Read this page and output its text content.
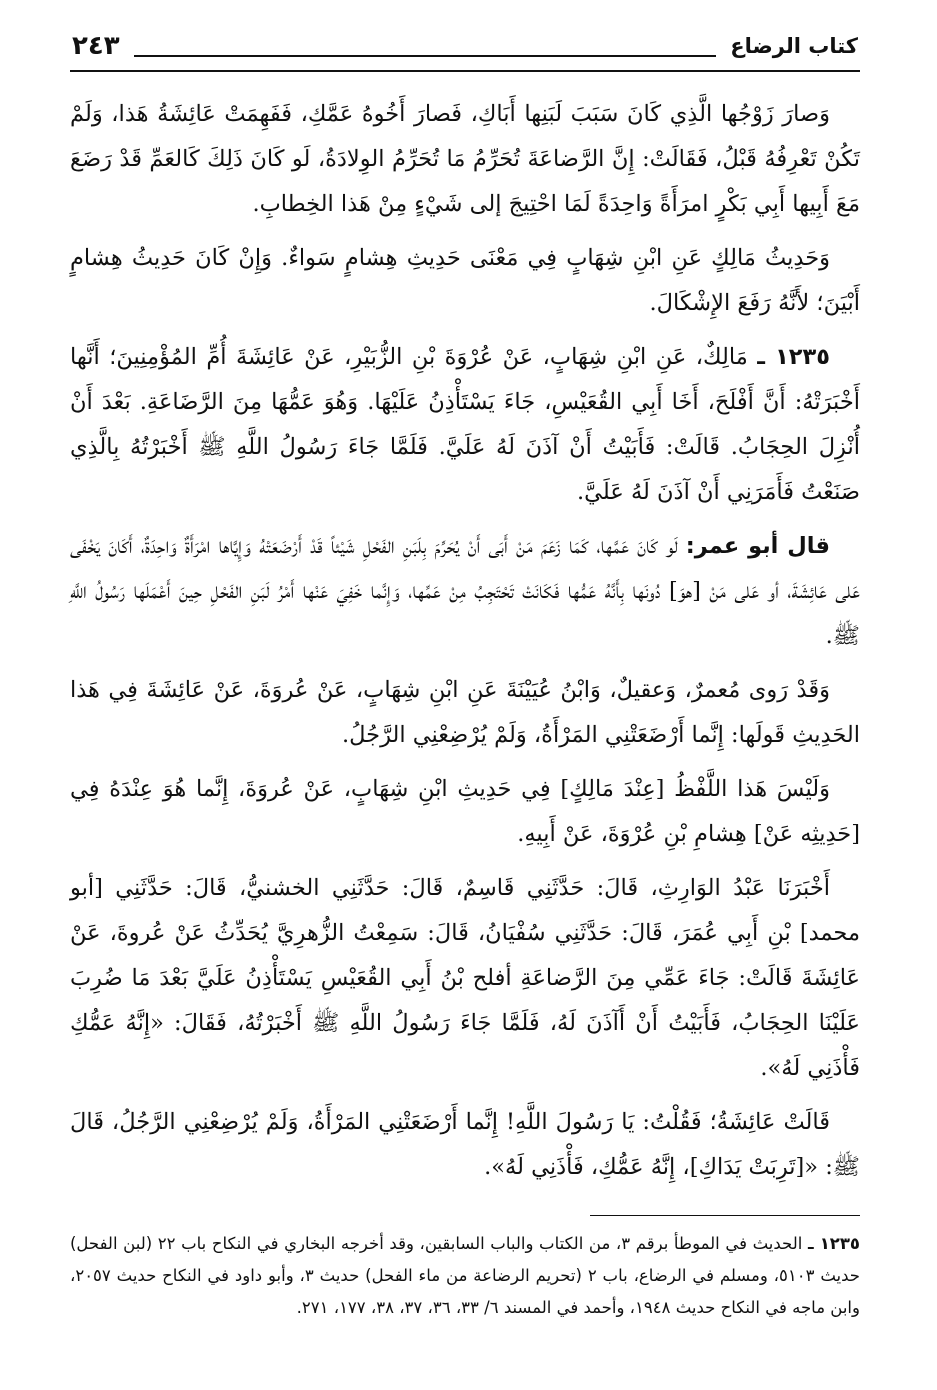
كتاب الرضاع
٢٤٣

وَصارَ زَوْجُها الَّذِي كَانَ سَبَبَ لَبَنِها أَبَاكِ، فَصارَ أَخُوهُ عَمَّكِ، فَفَهِمَتْ عَائِشَةُ هَذا، وَلَمْ تَكُنْ تَعْرِفُهُ قَبْلُ، فَقَالَتْ: إِنَّ الرَّضاعَةَ تُحَرِّمُ مَا تُحَرِّمُ الوِلادَةُ، لَو كَانَ ذَلِكَ كَالعَمِّ قَدْ رَضَعَ مَعَ أَبِيها أَبِي بَكْرٍ امرَأَةً وَاحِدَةً لَمَا احْتِيجَ إلى شَيْءٍ مِنْ هَذا الخِطابِ.

وَحَدِيثُ مَالِكٍ عَنِ ابْنِ شِهَابٍ فِي مَعْنَى حَدِيثِ هِشامٍ سَواءٌ. وَإِنْ كَانَ حَدِيثُ هِشامٍ أَبْيَنَ؛ لأَنَّهُ رَفَعَ الإِشْكَالَ.

١٢٣٥ ـ مَالِكٌ، عَنِ ابْنِ شِهَابٍ، عَنْ عُرْوَةَ بْنِ الزُّبَيْرِ، عَنْ عَائِشَةَ أُمِّ المُؤْمِنِينَ؛ أَنَّها أَخْبَرَتْهُ: أَنَّ أَفْلَحَ، أَخَا أَبِي القُعَيْسِ، جَاءَ يَسْتَأْذِنُ عَلَيْهَا. وَهُوَ عَمُّهَا مِنَ الرَّضَاعَةِ. بَعْدَ أَنْ أُنْزِلَ الحِجَابُ. قَالَتْ: فَأَبَيْتُ أَنْ آذَنَ لَهُ عَلَيَّ. فَلَمَّا جَاءَ رَسُولُ اللَّهِ ﷺ أَخْبَرْتُهُ بِالَّذِي صَنَعْتُ فَأَمَرَنِي أَنْ آذَنَ لَهُ عَلَيَّ.

قال أبو عمر: لَو كَانَ عَمَّها، كَمَا زَعَمَ مَنْ أَبَى أَنْ يُحَرِّمَ بِلَبَنِ الفَحْلِ شَيْئاً قَدْ أَرْضَعَتْهُ وَإِيَّاها امْرَأَةٌ وَاحِدَةٌ، أَكَانَ يَخْفَى عَلى عَائِشَةَ، أو عَلى مَنْ [هوَ] دُونَها بِأَنَّهُ عَمُّها فَكَانَتْ تَحْتَجِبُ مِنْ عَمِّها، وَإِنَّما خَفِيَ عَنْها أَمْرُ لَبَنِ الفَحْلِ حِينَ أَعْمَلَها رَسُولُ اللَّهِ ﷺ.

وَقَدْ رَوى مُعمرٌ، وَعقيلٌ، وَابْنُ عُيَيْنَةَ عَنِ ابْنِ شِهَابٍ، عَنْ عُروَةَ، عَنْ عَائِشَةَ فِي هَذا الحَدِيثِ قَولَها: إِنَّما أَرْضَعَتْنِي المَرْأَةُ، وَلَمْ يُرْضِعْنِي الرَّجُلُ.

وَلَيْسَ هَذا اللَّفْظُ [عِنْدَ مَالِكٍ] فِي حَدِيثِ ابْنِ شِهَابٍ، عَنْ عُروَةَ، إِنَّما هُوَ عِنْدَهُ فِي [حَدِيثِه عَنْ] هِشامِ بْنِ عُرْوَةَ، عَنْ أَبِيهِ.

أَخْبَرَنَا عَبْدُ الوَارِثِ، قَالَ: حَدَّثَنِي قَاسِمٌ، قَالَ: حَدَّثَنِي الخشنيُّ، قَالَ: حَدَّثَنِي [أبو محمد] بْنِ أَبِي عُمَرَ، قَالَ: حَدَّثَنِي سُفْيَانُ، قَالَ: سَمِعْتُ الزُّهرِيَّ يُحَدِّثُ عَنْ عُروةَ، عَنْ عَائِشَةَ قَالَتْ: جَاءَ عَمِّي مِنَ الرَّضاعَةِ أفلح بْنُ أَبِي القُعَيْسِ يَسْتَأْذِنُ عَلَيَّ بَعْدَ مَا ضُرِبَ عَلَيْنَا الحِجَابُ، فَأَبَيْتُ أَنْ أَآذَنَ لَهُ، فَلَمَّا جَاءَ رَسُولُ اللَّهِ ﷺ أَخْبَرْتُهُ، فَقَالَ: «إِنَّهُ عَمُّكِ فَأْذَنِي لَهُ».

قَالَتْ عَائِشَةُ؛ فَقُلْتُ: يَا رَسُولَ اللَّهِ! إِنَّما أَرْضَعَتْنِي المَرْأَةُ، وَلَمْ يُرْضِعْنِي الرَّجُلُ، قَالَ ﷺ: «[تَرِبَتْ يَدَاكِ]، إِنَّهُ عَمُّكِ، فَأْذَنِي لَهُ».

١٢٣٥ ـ الحديث في الموطأ برقم ٣، من الكتاب والباب السابقين، وقد أخرجه البخاري في النكاح باب ٢٢ (لبن الفحل) حديث ٥١٠٣، ومسلم في الرضاع، باب ٢ (تحريم الرضاعة من ماء الفحل) حديث ٣، وأبو داود في النكاح حديث ٢٠٥٧، وابن ماجه في النكاح حديث ١٩٤٨، وأحمد في المسند ٦/ ٣٣، ٣٦، ٣٧، ٣٨، ١٧٧، ٢٧١.
